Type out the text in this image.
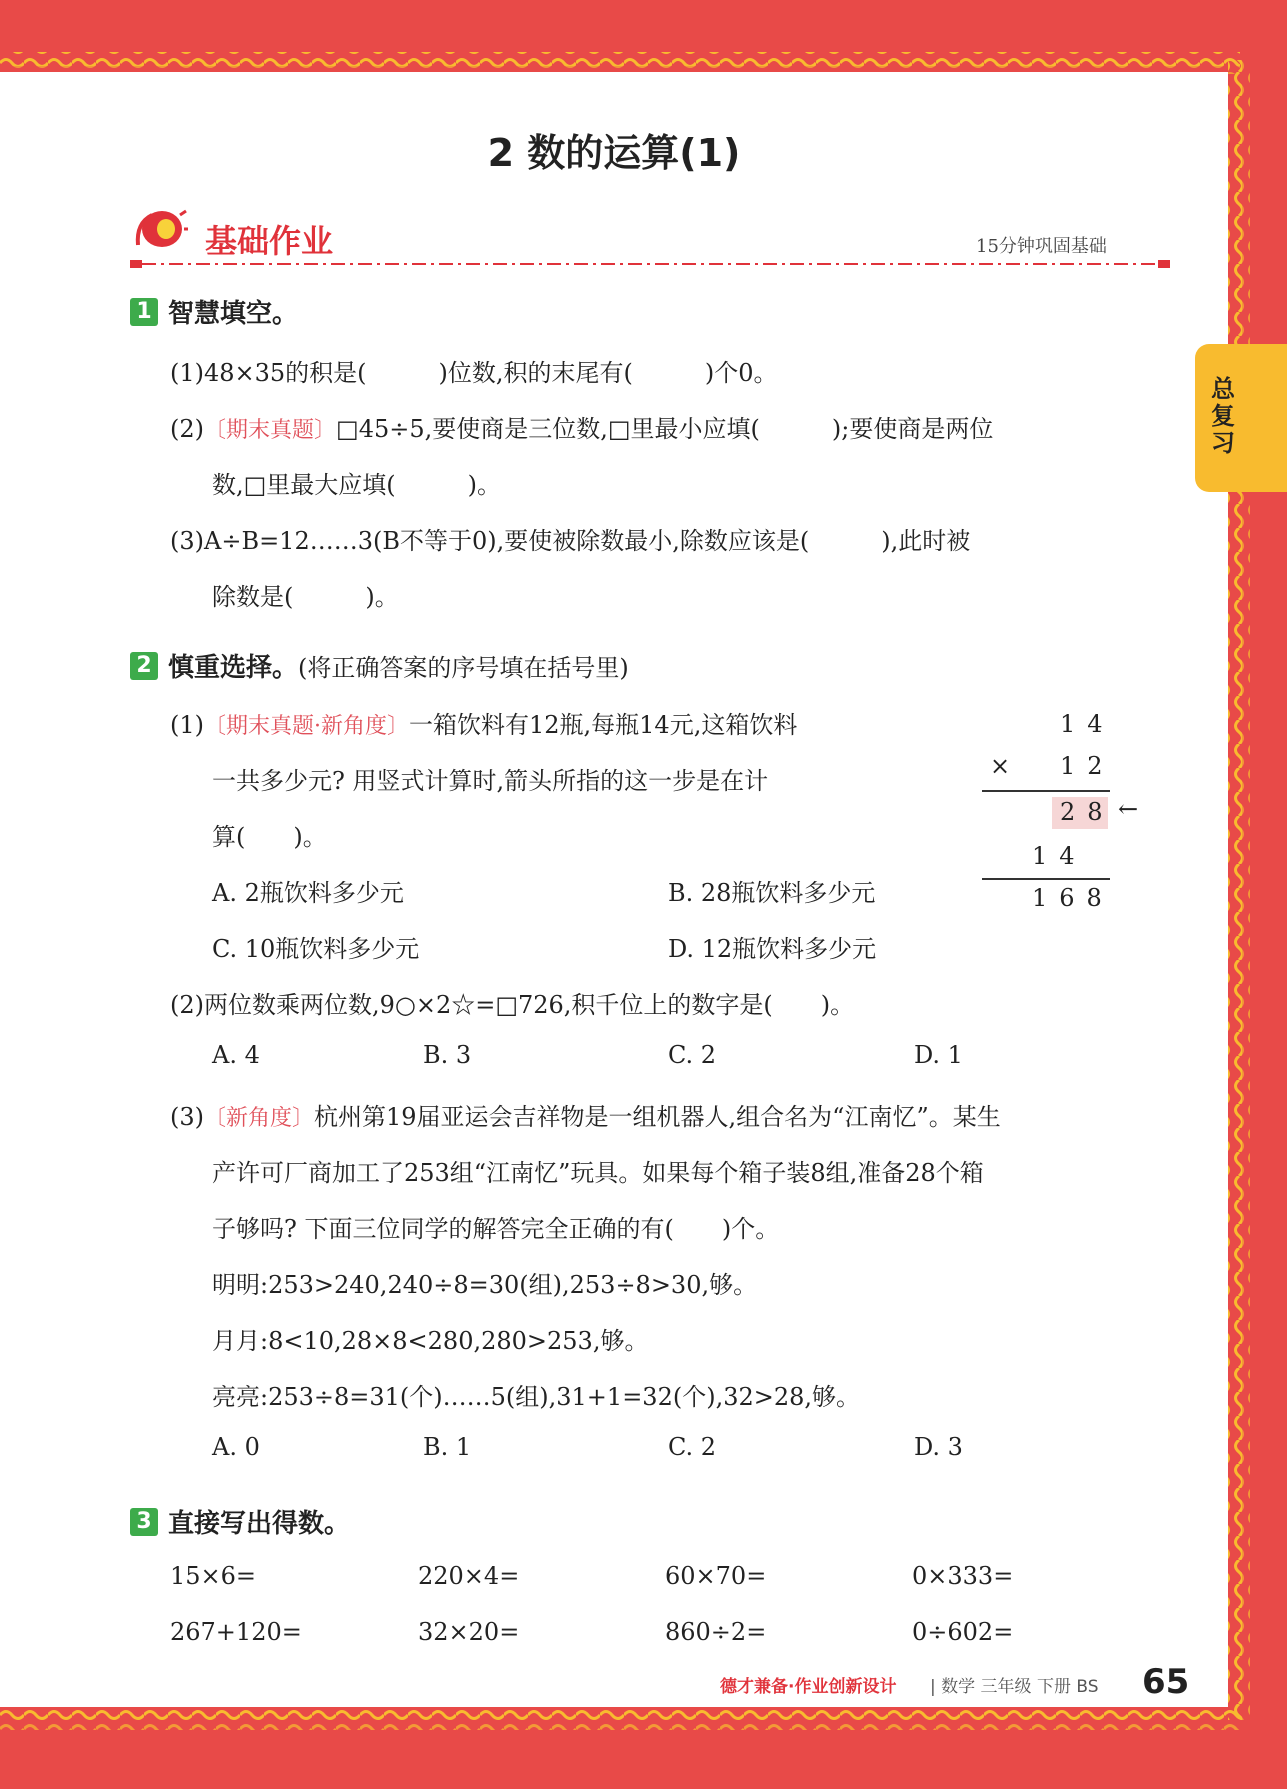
2 数的运算(1)
基础作业	15分钟巩固基础
总复习
1 智慧填空。
(1)48×35的积是(　　　)位数,积的末尾有(　　　)个0。
(2)〔期末真题〕□45÷5,要使商是三位数,□里最小应填(　　　);要使商是两位
数,□里最大应填(　　　)。
(3)A÷B=12……3(B不等于0),要使被除数最小,除数应该是(　　　),此时被
除数是(　　　)。
2 慎重选择。(将正确答案的序号填在括号里)
(1)〔期末真题·新角度〕一箱饮料有12瓶,每瓶14元,这箱饮料
一共多少元? 用竖式计算时,箭头所指的这一步是在计
算(　　)。
A. 2瓶饮料多少元	B. 28瓶饮料多少元
C. 10瓶饮料多少元	D. 12瓶饮料多少元
14
× 12
28 ←
14
168
(2)两位数乘两位数,9○×2☆=□726,积千位上的数字是(　　)。
A. 4	B. 3	C. 2	D. 1
(3)〔新角度〕杭州第19届亚运会吉祥物是一组机器人,组合名为“江南忆”。某生
产许可厂商加工了253组“江南忆”玩具。如果每个箱子装8组,准备28个箱
子够吗? 下面三位同学的解答完全正确的有(　　)个。
明明:253>240,240÷8=30(组),253÷8>30,够。
月月:8<10,28×8<280,280>253,够。
亮亮:253÷8=31(个)……5(组),31+1=32(个),32>28,够。
A. 0	B. 1	C. 2	D. 3
3 直接写出得数。
15×6=	220×4=	60×70=	0×333=
267+120=	32×20=	860÷2=	0÷602=
德才兼备·作业创新设计 | 数学 三年级 下册 BS 65
